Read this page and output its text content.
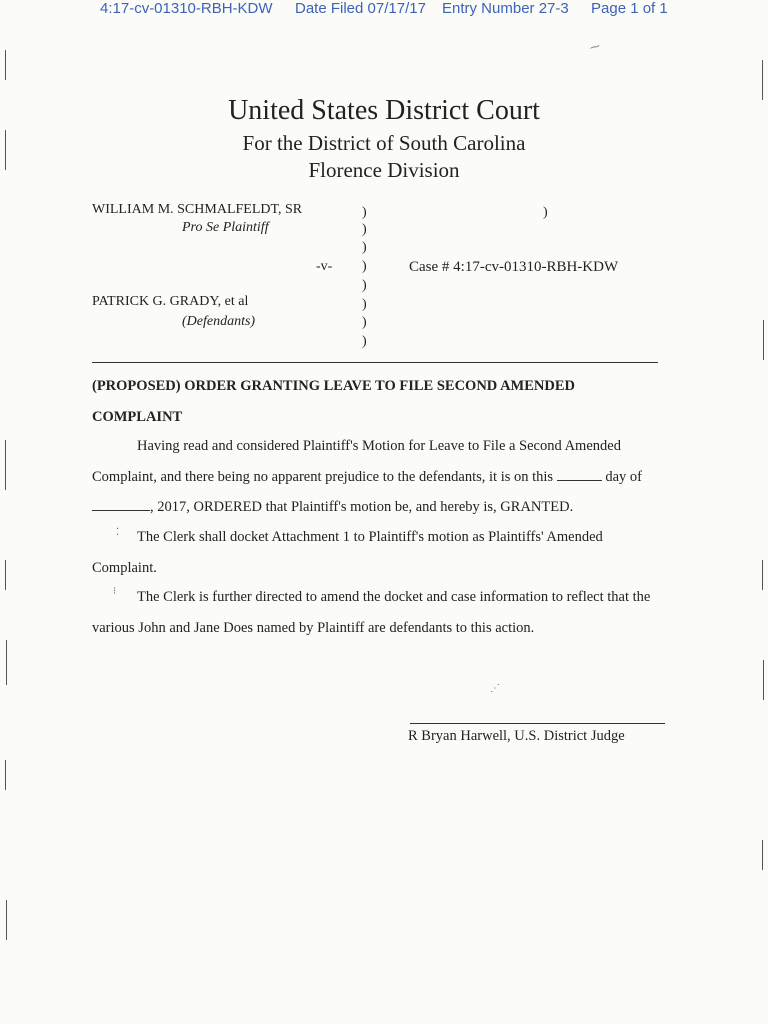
4:17-cv-01310-RBH-KDW Date Filed 07/17/17 Entry Number 27-3 Page 1 of 1
United States District Court
For the District of South Carolina
Florence Division
WILLIAM M. SCHMALFELDT, SR
Pro Se Plaintiff
-v-	Case # 4:17-cv-01310-RBH-KDW
PATRICK G. GRADY, et al
(Defendants)
)	)
)
)
)
)
)
)
)
(PROPOSED) ORDER GRANTING LEAVE TO FILE SECOND AMENDED
COMPLAINT
Having read and considered Plaintiff's Motion for Leave to File a Second Amended
Complaint, and there being no apparent prejudice to the defendants, it is on this	day of
, 2017, ORDERED that Plaintiff's motion be, and hereby is, GRANTED.
The Clerk shall docket Attachment 1 to Plaintiff's motion as Plaintiffs' Amended
Complaint.
The Clerk is further directed to amend the docket and case information to reflect that the
various John and Jane Does named by Plaintiff are defendants to this action.
R Bryan Harwell, U.S. District Judge
⁓
⁚
⁝
⋰
